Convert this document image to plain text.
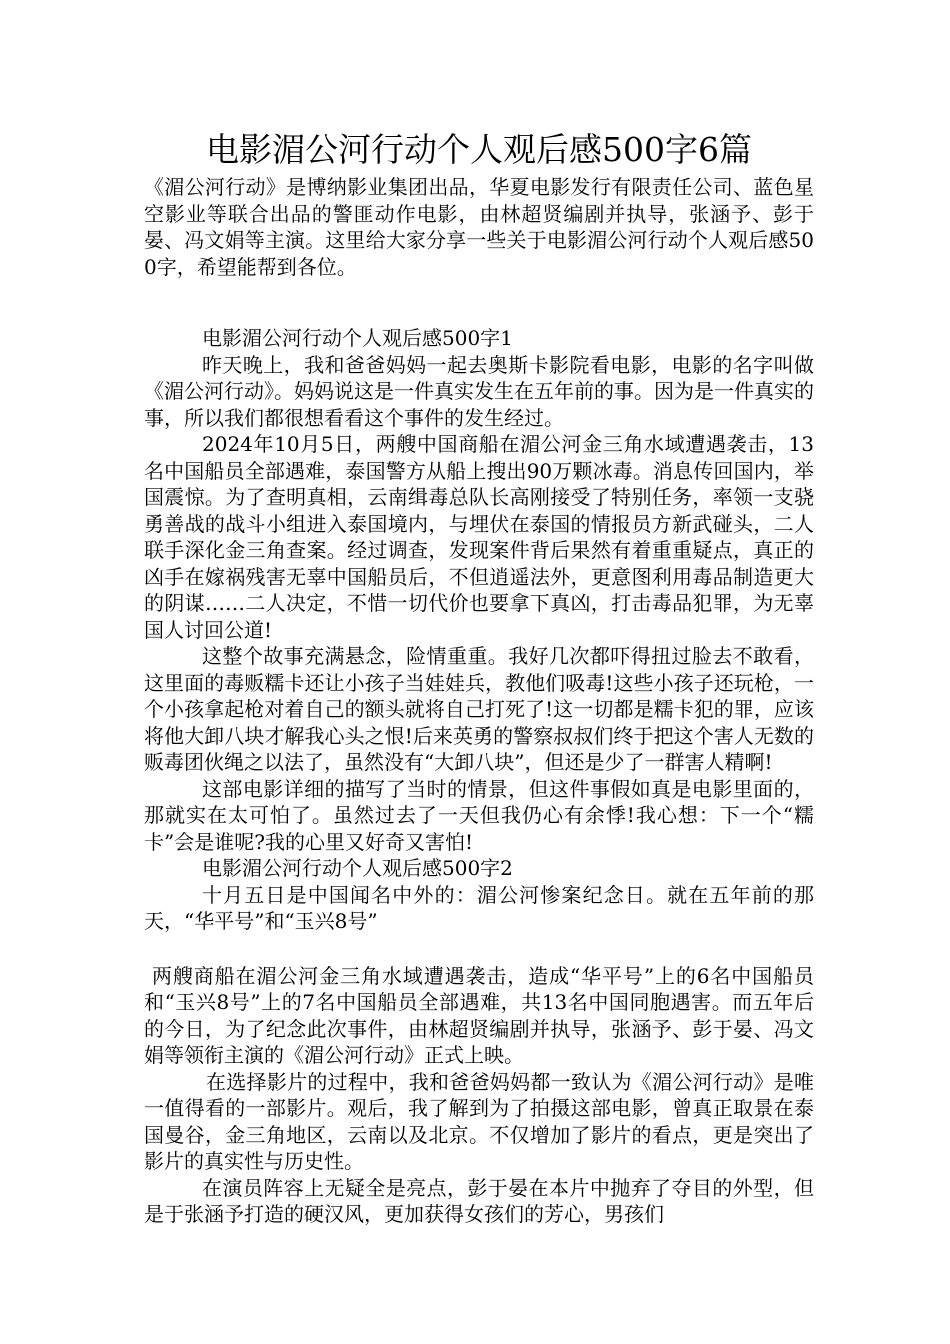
电影湄公河行动个人观后感500字6篇

《湄公河行动》是博纳影业集团出品，华夏电影发行有限责任公司、蓝色星空影业等联合出品的警匪动作电影，由林超贤编剧并执导，张涵予、彭于晏、冯文娟等主演。这里给大家分享一些关于电影湄公河行动个人观后感500字，希望能帮到各位。

电影湄公河行动个人观后感500字1

昨天晚上，我和爸爸妈妈一起去奥斯卡影院看电影，电影的名字叫做《湄公河行动》。妈妈说这是一件真实发生在五年前的事。因为是一件真实的事，所以我们都很想看看这个事件的发生经过。

2024年10月5日，两艘中国商船在湄公河金三角水域遭遇袭击，13名中国船员全部遇难，泰国警方从船上搜出90万颗冰毒。消息传回国内，举国震惊。为了查明真相，云南缉毒总队长高刚接受了特别任务，率领一支骁勇善战的战斗小组进入泰国境内，与埋伏在泰国的情报员方新武碰头，二人联手深化金三角查案。经过调查，发现案件背后果然有着重重疑点，真正的凶手在嫁祸残害无辜中国船员后，不但逍遥法外，更意图利用毒品制造更大的阴谋……二人决定，不惜一切代价也要拿下真凶，打击毒品犯罪，为无辜国人讨回公道!

这整个故事充满悬念，险情重重。我好几次都吓得扭过脸去不敢看，这里面的毒贩糯卡还让小孩子当娃娃兵，教他们吸毒!这些小孩子还玩枪，一个小孩拿起枪对着自己的额头就将自己打死了!这一切都是糯卡犯的罪，应该将他大卸八块才解我心头之恨!后来英勇的警察叔叔们终于把这个害人无数的贩毒团伙绳之以法了，虽然没有“大卸八块”，但还是少了一群害人精啊!

这部电影详细的描写了当时的情景，但这件事假如真是电影里面的，那就实在太可怕了。虽然过去了一天但我仍心有余悸!我心想：下一个“糯卡”会是谁呢?我的心里又好奇又害怕!

电影湄公河行动个人观后感500字2

十月五日是中国闻名中外的：湄公河惨案纪念日。就在五年前的那天，“华平号”和“玉兴8号”

两艘商船在湄公河金三角水域遭遇袭击，造成“华平号”上的6名中国船员和“玉兴8号”上的7名中国船员全部遇难，共13名中国同胞遇害。而五年后的今日，为了纪念此次事件，由林超贤编剧并执导，张涵予、彭于晏、冯文娟等领衔主演的《湄公河行动》正式上映。

在选择影片的过程中，我和爸爸妈妈都一致认为《湄公河行动》是唯一值得看的一部影片。观后，我了解到为了拍摄这部电影，曾真正取景在泰国曼谷，金三角地区，云南以及北京。不仅增加了影片的看点，更是突出了影片的真实性与历史性。

在演员阵容上无疑全是亮点，彭于晏在本片中抛弃了夺目的外型，但是于张涵予打造的硬汉风，更加获得女孩们的芳心，男孩们
